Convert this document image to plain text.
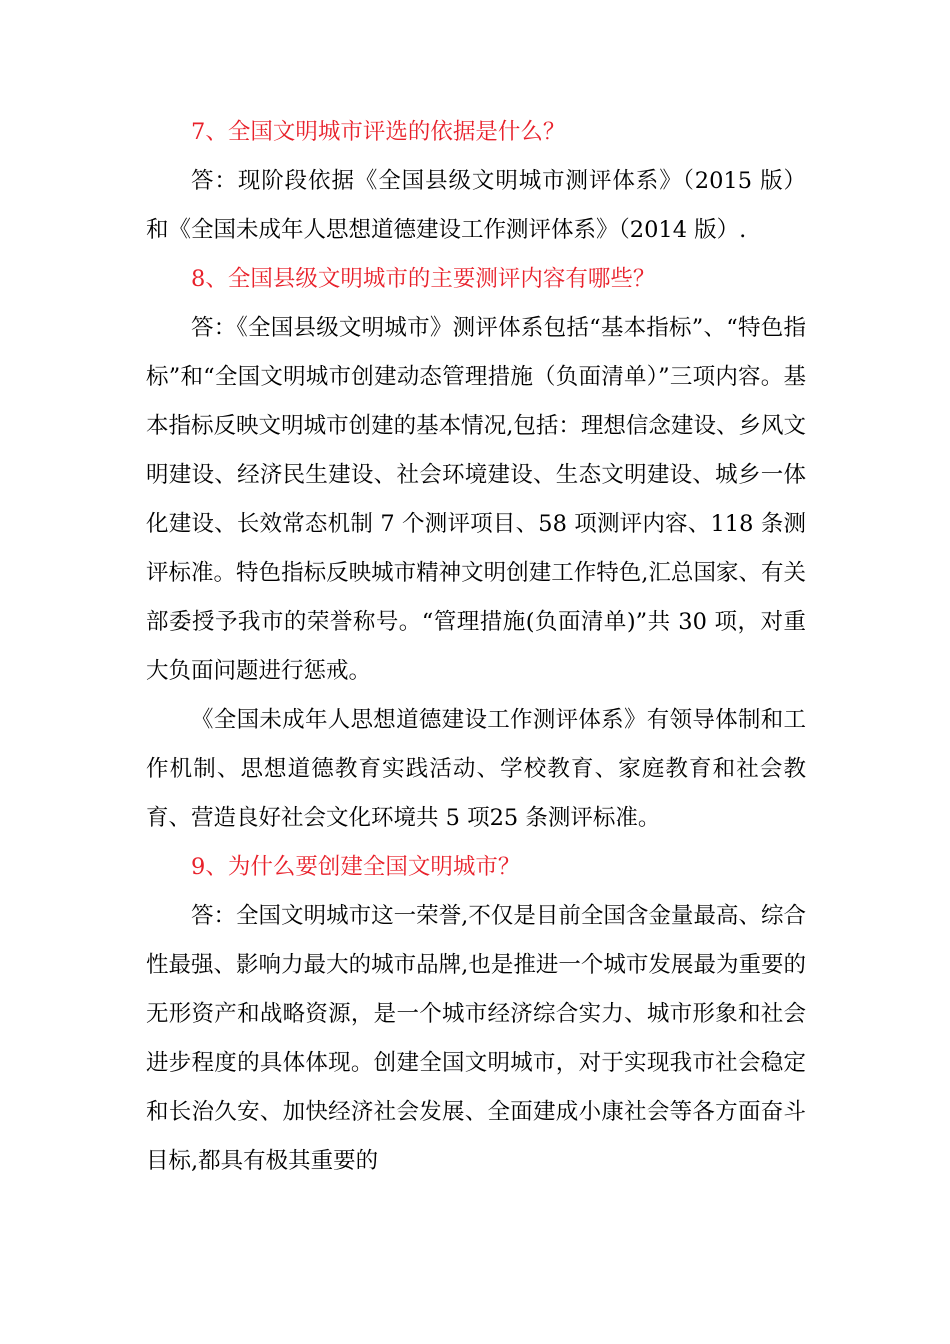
7、全国文明城市评选的依据是什么？

答：现阶段依据《全国县级文明城市测评体系》（2015 版）和《全国未成年人思想道德建设工作测评体系》（2014 版）.

8、全国县级文明城市的主要测评内容有哪些？

答：《全国县级文明城市》测评体系包括“基本指标”、“特色指标”和“全国文明城市创建动态管理措施（负面清单）”三项内容。基本指标反映文明城市创建的基本情况,包括：理想信念建设、乡风文明建设、经济民生建设、社会环境建设、生态文明建设、城乡一体化建设、长效常态机制 7 个测评项目、58 项测评内容、118 条测评标准。特色指标反映城市精神文明创建工作特色,汇总国家、有关部委授予我市的荣誉称号。“管理措施(负面清单)”共 30 项，对重大负面问题进行惩戒。

《全国未成年人思想道德建设工作测评体系》有领导体制和工作机制、思想道德教育实践活动、学校教育、家庭教育和社会教育、营造良好社会文化环境共 5 项25 条测评标准。

9、为什么要创建全国文明城市？

答：全国文明城市这一荣誉,不仅是目前全国含金量最高、综合性最强、影响力最大的城市品牌,也是推进一个城市发展最为重要的无形资产和战略资源，是一个城市经济综合实力、城市形象和社会进步程度的具体体现。创建全国文明城市，对于实现我市社会稳定和长治久安、加快经济社会发展、全面建成小康社会等各方面奋斗目标,都具有极其重要的
